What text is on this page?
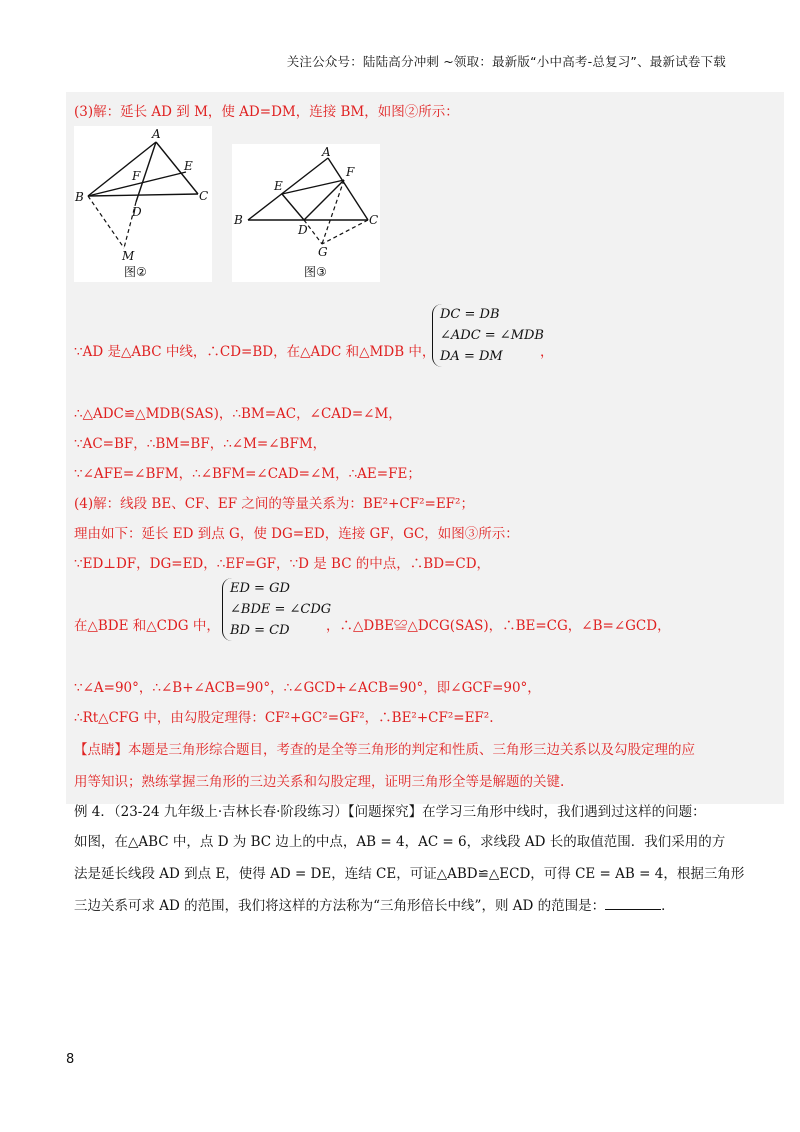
关注公众号：陆陆高分冲刺 ~领取：最新版“小中高考-总复习”、最新试卷下载
(3)解：延长 AD 到 M，使 AD=DM，连接 BM，如图②所示：
A
B	C
D
E
F
M
图②
A
B	C
D
E
F
G
图③
∵AD 是△ABC 中线，∴CD=BD，在△ADC 和△MDB 中，
DC = DB
∠ADC = ∠MDB
DA = DM	，
∴△ADC≌△MDB(SAS)，∴BM=AC，∠CAD=∠M，
∵AC=BF，∴BM=BF，∴∠M=∠BFM，
∵∠AFE=∠BFM，∴∠BFM=∠CAD=∠M，∴AE=FE；
(4)解：线段 BE、CF、EF 之间的等量关系为：BE²+CF²=EF²；
理由如下：延长 ED 到点 G，使 DG=ED，连接 GF，GC，如图③所示：
∵ED⊥DF，DG=ED，∴EF=GF，∵D 是 BC 的中点，∴BD=CD，
在△BDE 和△CDG 中，
ED = GD
∠BDE = ∠CDG
BD = CD	，∴△DBE≌△DCG(SAS)，∴BE=CG，∠B=∠GCD，
∵∠A=90°，∴∠B+∠ACB=90°，∴∠GCD+∠ACB=90°，即∠GCF=90°，
∴Rt△CFG 中，由勾股定理得：CF²+GC²=GF²，∴BE²+CF²=EF².
【点睛】本题是三角形综合题目，考查的是全等三角形的判定和性质、三角形三边关系以及勾股定理的应
用等知识；熟练掌握三角形的三边关系和勾股定理，证明三角形全等是解题的关键.
例 4．（23-24 九年级上·吉林长春·阶段练习）【问题探究】在学习三角形中线时，我们遇到过这样的问题：
如图，在△ABC 中，点 D 为 BC 边上的中点，AB = 4，AC = 6，求线段 AD 长的取值范围．我们采用的方
法是延长线段 AD 到点 E，使得 AD = DE，连结 CE，可证△ABD≌△ECD，可得 CE = AB = 4，根据三角形
三边关系可求 AD 的范围，我们将这样的方法称为“三角形倍长中线”，则 AD 的范围是：	．
8
